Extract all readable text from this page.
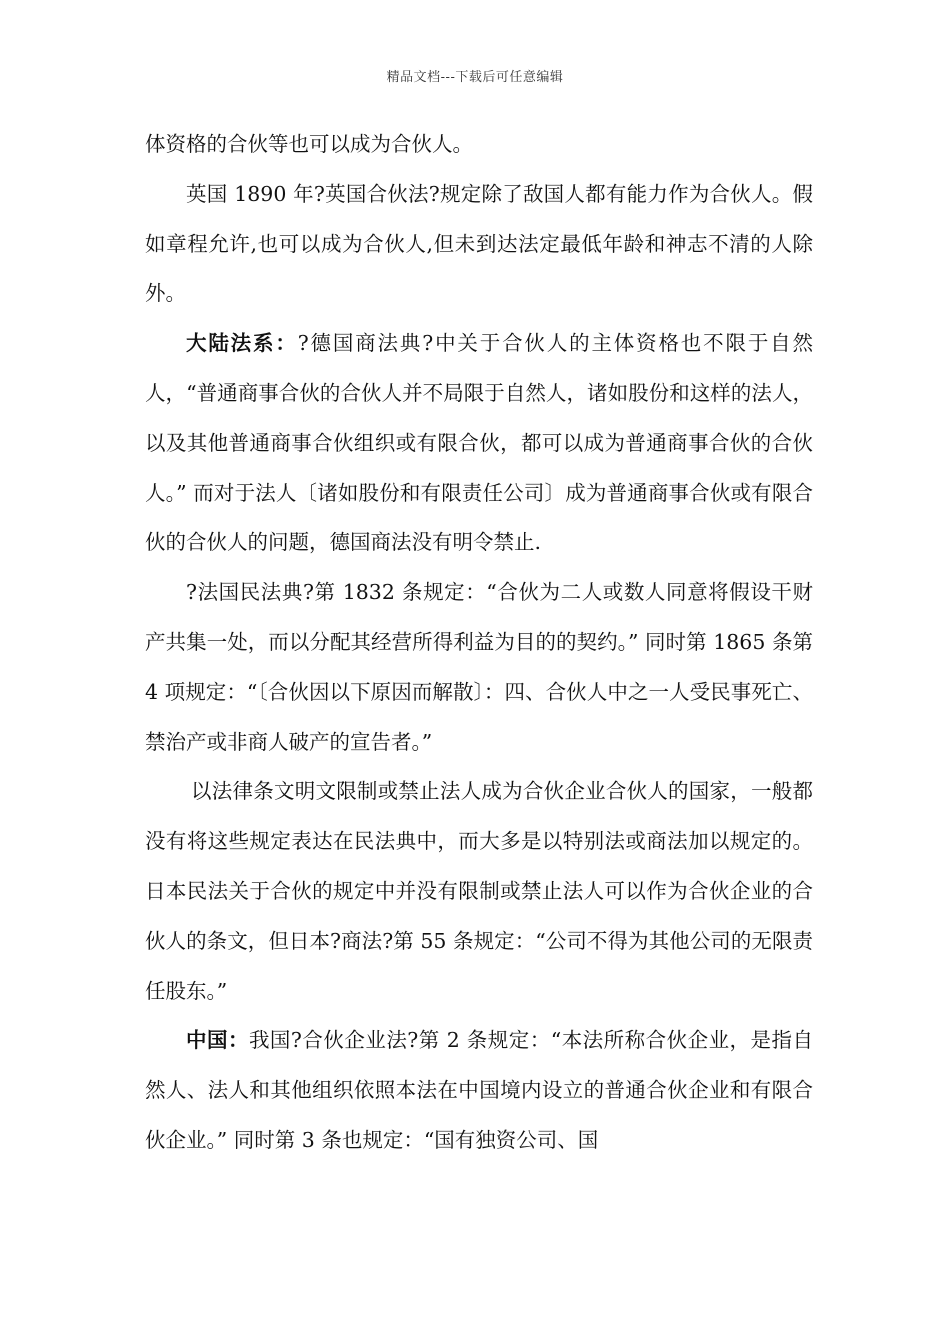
精品文档---下载后可任意编辑

体资格的合伙等也可以成为合伙人。

英国 1890 年?英国合伙法?规定除了敌国人都有能力作为合伙人。假如章程允许,也可以成为合伙人,但未到达法定最低年龄和神志不清的人除外。

大陆法系：?德国商法典?中关于合伙人的主体资格也不限于自然人，“普通商事合伙的合伙人并不局限于自然人，诸如股份和这样的法人，以及其他普通商事合伙组织或有限合伙，都可以成为普通商事合伙的合伙人。” 而对于法人〔诸如股份和有限责任公司〕成为普通商事合伙或有限合伙的合伙人的问题，德国商法没有明令禁止.

?法国民法典?第 1832 条规定：“合伙为二人或数人同意将假设干财产共集一处，而以分配其经营所得利益为目的的契约。” 同时第 1865 条第 4 项规定：“〔合伙因以下原因而解散〕：四、合伙人中之一人受民事死亡、禁治产或非商人破产的宣告者。”

以法律条文明文限制或禁止法人成为合伙企业合伙人的国家，一般都没有将这些规定表达在民法典中，而大多是以特别法或商法加以规定的。日本民法关于合伙的规定中并没有限制或禁止法人可以作为合伙企业的合伙人的条文，但日本?商法?第 55 条规定：“公司不得为其他公司的无限责任股东。”

中国：我国?合伙企业法?第 2 条规定：“本法所称合伙企业，是指自然人、法人和其他组织依照本法在中国境内设立的普通合伙企业和有限合伙企业。” 同时第 3 条也规定：“国有独资公司、国
